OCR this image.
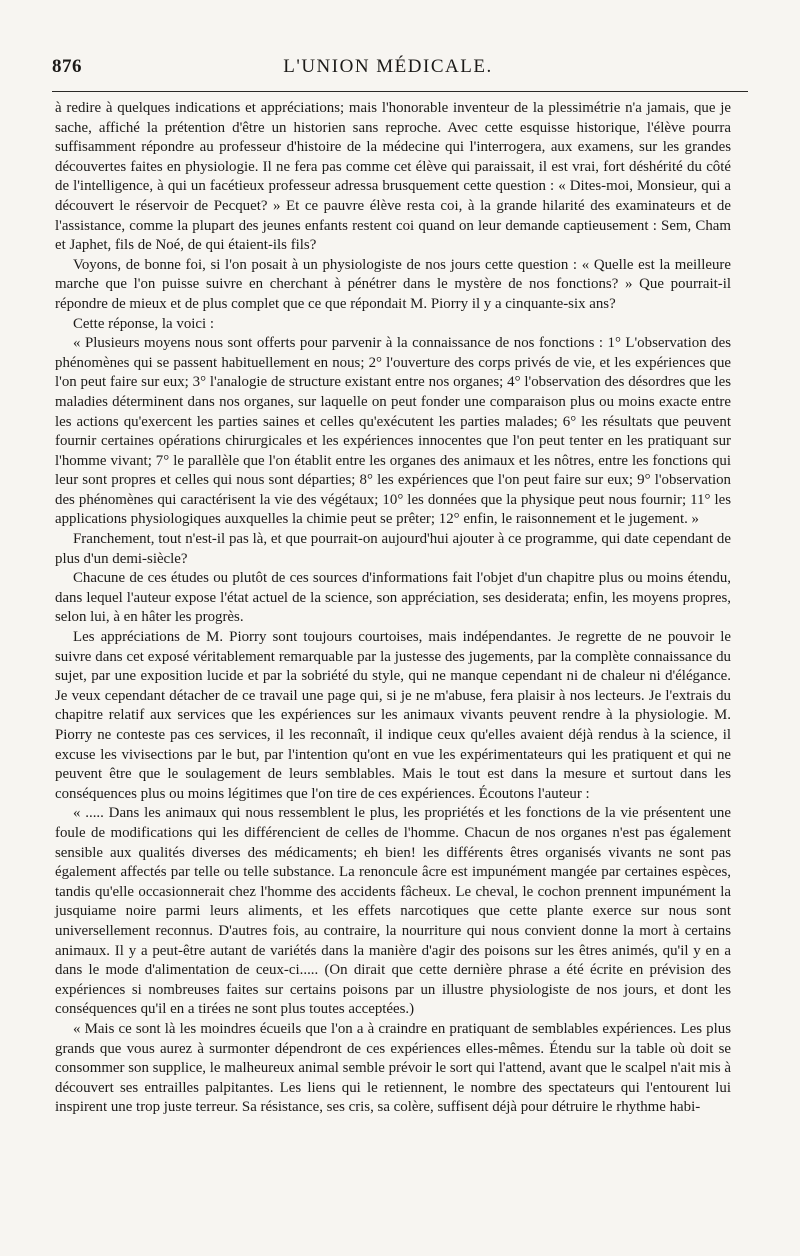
876	L'UNION MÉDICALE.

à redire à quelques indications et appréciations; mais l'honorable inventeur de la plessimétrie n'a jamais, que je sache, affiché la prétention d'être un historien sans reproche. Avec cette esquisse historique, l'élève pourra suffisamment répondre au professeur d'histoire de la médecine qui l'interrogera, aux examens, sur les grandes découvertes faites en physiologie. Il ne fera pas comme cet élève qui paraissait, il est vrai, fort déshérité du côté de l'intelligence, à qui un facétieux professeur adressa brusquement cette question : « Dites-moi, Monsieur, qui a découvert le réservoir de Pecquet? » Et ce pauvre élève resta coi, à la grande hilarité des examinateurs et de l'assistance, comme la plupart des jeunes enfants restent coi quand on leur demande captieusement : Sem, Cham et Japhet, fils de Noé, de qui étaient-ils fils?

Voyons, de bonne foi, si l'on posait à un physiologiste de nos jours cette question : « Quelle est la meilleure marche que l'on puisse suivre en cherchant à pénétrer dans le mystère de nos fonctions? » Que pourrait-il répondre de mieux et de plus complet que ce que répondait M. Piorry il y a cinquante-six ans?

Cette réponse, la voici :

« Plusieurs moyens nous sont offerts pour parvenir à la connaissance de nos fonctions : 1° L'observation des phénomènes qui se passent habituellement en nous; 2° l'ouverture des corps privés de vie, et les expériences que l'on peut faire sur eux; 3° l'analogie de structure existant entre nos organes; 4° l'observation des désordres que les maladies déterminent dans nos organes, sur laquelle on peut fonder une comparaison plus ou moins exacte entre les actions qu'exercent les parties saines et celles qu'exécutent les parties malades; 6° les résultats que peuvent fournir certaines opérations chirurgicales et les expériences innocentes que l'on peut tenter en les pratiquant sur l'homme vivant; 7° le parallèle que l'on établit entre les organes des animaux et les nôtres, entre les fonctions qui leur sont propres et celles qui nous sont départies; 8° les expériences que l'on peut faire sur eux; 9° l'observation des phénomènes qui caractérisent la vie des végétaux; 10° les données que la physique peut nous fournir; 11° les applications physiologiques auxquelles la chimie peut se prêter; 12° enfin, le raisonnement et le jugement. »

Franchement, tout n'est-il pas là, et que pourrait-on aujourd'hui ajouter à ce programme, qui date cependant de plus d'un demi-siècle?

Chacune de ces études ou plutôt de ces sources d'informations fait l'objet d'un chapitre plus ou moins étendu, dans lequel l'auteur expose l'état actuel de la science, son appréciation, ses desiderata; enfin, les moyens propres, selon lui, à en hâter les progrès.

Les appréciations de M. Piorry sont toujours courtoises, mais indépendantes. Je regrette de ne pouvoir le suivre dans cet exposé véritablement remarquable par la justesse des jugements, par la complète connaissance du sujet, par une exposition lucide et par la sobriété du style, qui ne manque cependant ni de chaleur ni d'élégance. Je veux cependant détacher de ce travail une page qui, si je ne m'abuse, fera plaisir à nos lecteurs. Je l'extrais du chapitre relatif aux services que les expériences sur les animaux vivants peuvent rendre à la physiologie. M. Piorry ne conteste pas ces services, il les reconnaît, il indique ceux qu'elles avaient déjà rendus à la science, il excuse les vivisections par le but, par l'intention qu'ont en vue les expérimentateurs qui les pratiquent et qui ne peuvent être que le soulagement de leurs semblables. Mais le tout est dans la mesure et surtout dans les conséquences plus ou moins légitimes que l'on tire de ces expériences. Écoutons l'auteur :

« ..... Dans les animaux qui nous ressemblent le plus, les propriétés et les fonctions de la vie présentent une foule de modifications qui les différencient de celles de l'homme. Chacun de nos organes n'est pas également sensible aux qualités diverses des médicaments; eh bien! les différents êtres organisés vivants ne sont pas également affectés par telle ou telle substance. La renoncule âcre est impunément mangée par certaines espèces, tandis qu'elle occasionnerait chez l'homme des accidents fâcheux. Le cheval, le cochon prennent impunément la jusquiame noire parmi leurs aliments, et les effets narcotiques que cette plante exerce sur nous sont universellement reconnus. D'autres fois, au contraire, la nourriture qui nous convient donne la mort à certains animaux. Il y a peut-être autant de variétés dans la manière d'agir des poisons sur les êtres animés, qu'il y en a dans le mode d'alimentation de ceux-ci..... (On dirait que cette dernière phrase a été écrite en prévision des expériences si nombreuses faites sur certains poisons par un illustre physiologiste de nos jours, et dont les conséquences qu'il en a tirées ne sont plus toutes acceptées.)

« Mais ce sont là les moindres écueils que l'on a à craindre en pratiquant de semblables expériences. Les plus grands que vous aurez à surmonter dépendront de ces expériences elles-mêmes. Étendu sur la table où doit se consommer son supplice, le malheureux animal semble prévoir le sort qui l'attend, avant que le scalpel n'ait mis à découvert ses entrailles palpitantes. Les liens qui le retiennent, le nombre des spectateurs qui l'entourent lui inspirent une trop juste terreur. Sa résistance, ses cris, sa colère, suffisent déjà pour détruire le rhythme habi-
